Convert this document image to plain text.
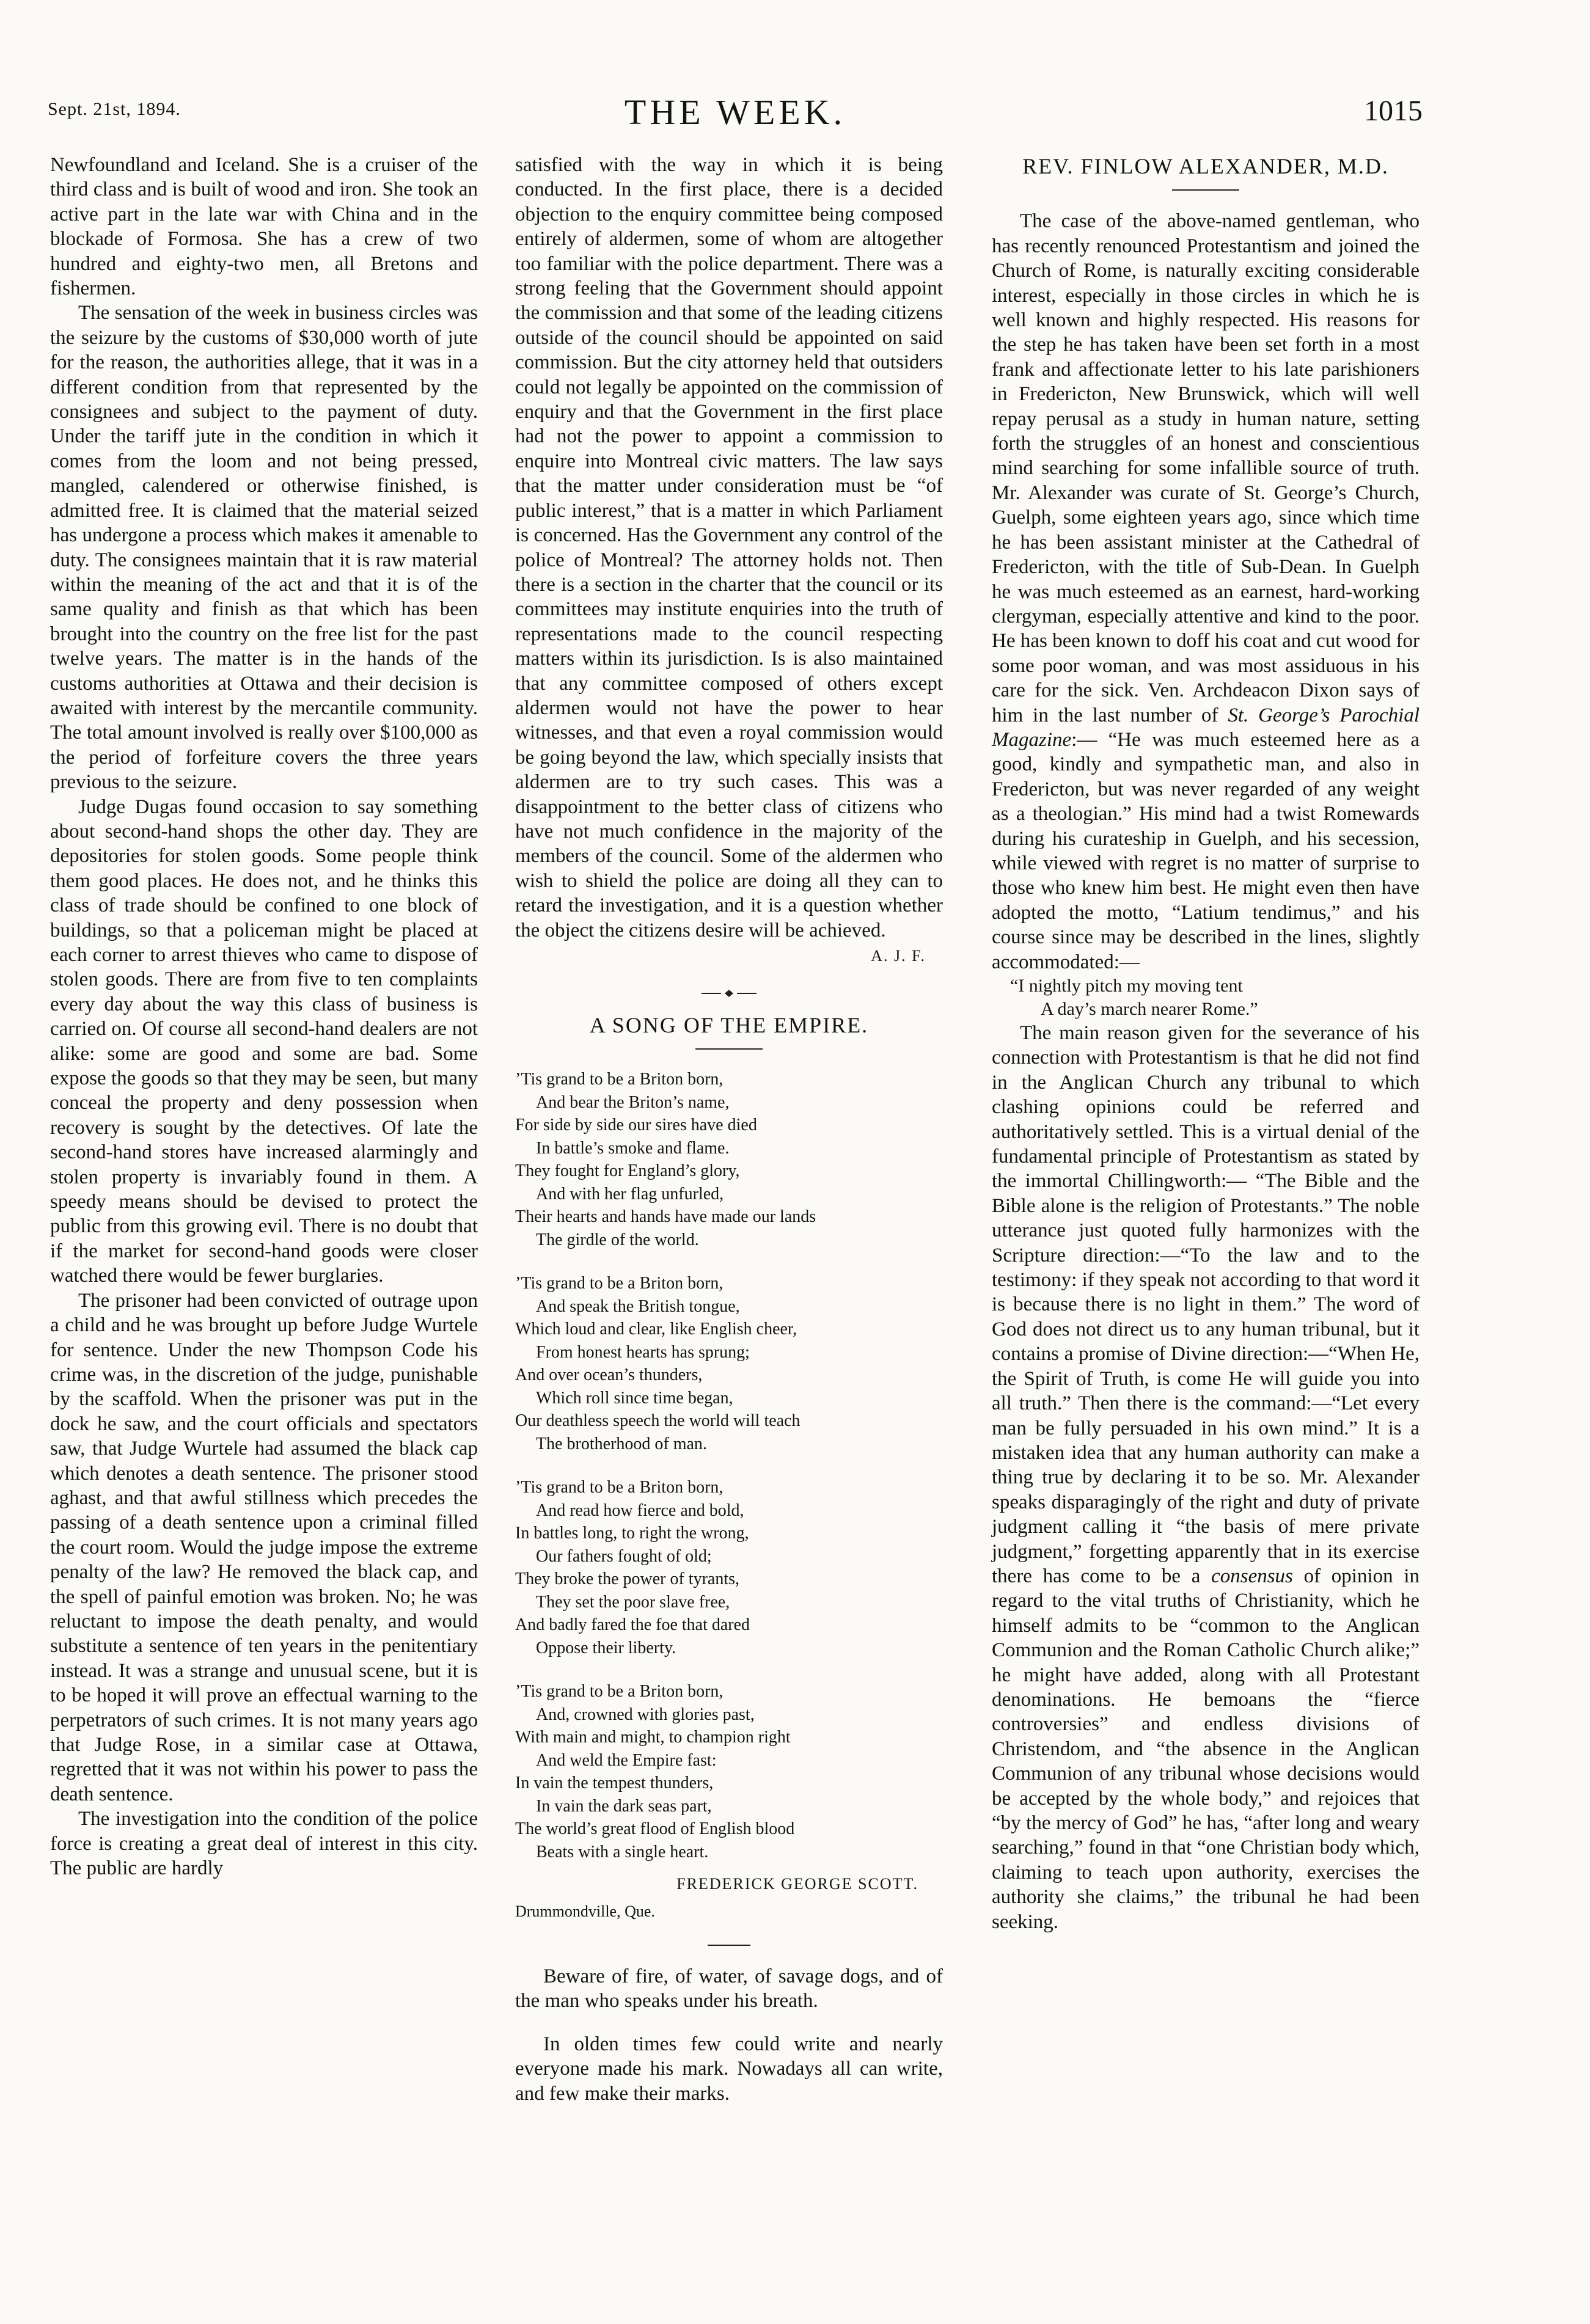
Sept. 21st, 1894.	THE WEEK.	1015

Newfoundland and Iceland. She is a cruiser of the third class and is built of wood and iron. She took an active part in the late war with China and in the blockade of Formosa. She has a crew of two hundred and eighty-two men, all Bretons and fishermen.

The sensation of the week in business circles was the seizure by the customs of $30,000 worth of jute for the reason, the authorities allege, that it was in a different condition from that represented by the consignees and subject to the payment of duty. Under the tariff jute in the condition in which it comes from the loom and not being pressed, mangled, calendered or otherwise finished, is admitted free. It is claimed that the material seized has undergone a process which makes it amenable to duty. The consignees maintain that it is raw material within the meaning of the act and that it is of the same quality and finish as that which has been brought into the country on the free list for the past twelve years. The matter is in the hands of the customs authorities at Ottawa and their decision is awaited with interest by the mercantile community. The total amount involved is really over $100,000 as the period of forfeiture covers the three years previous to the seizure.

Judge Dugas found occasion to say something about second-hand shops the other day. They are depositories for stolen goods. Some people think them good places. He does not, and he thinks this class of trade should be confined to one block of buildings, so that a policeman might be placed at each corner to arrest thieves who came to dispose of stolen goods. There are from five to ten complaints every day about the way this class of business is carried on. Of course all second-hand dealers are not alike: some are good and some are bad. Some expose the goods so that they may be seen, but many conceal the property and deny possession when recovery is sought by the detectives. Of late the second-hand stores have increased alarmingly and stolen property is invariably found in them. A speedy means should be devised to protect the public from this growing evil. There is no doubt that if the market for second-hand goods were closer watched there would be fewer burglaries.

The prisoner had been convicted of outrage upon a child and he was brought up before Judge Wurtele for sentence. Under the new Thompson Code his crime was, in the discretion of the judge, punishable by the scaffold. When the prisoner was put in the dock he saw, and the court officials and spectators saw, that Judge Wurtele had assumed the black cap which denotes a death sentence. The prisoner stood aghast, and that awful stillness which precedes the passing of a death sentence upon a criminal filled the court room. Would the judge impose the extreme penalty of the law? He removed the black cap, and the spell of painful emotion was broken. No; he was reluctant to impose the death penalty, and would substitute a sentence of ten years in the penitentiary instead. It was a strange and unusual scene, but it is to be hoped it will prove an effectual warning to the perpetrators of such crimes. It is not many years ago that Judge Rose, in a similar case at Ottawa, regretted that it was not within his power to pass the death sentence.

The investigation into the condition of the police force is creating a great deal of interest in this city. The public are hardly

satisfied with the way in which it is being conducted. In the first place, there is a decided objection to the enquiry committee being composed entirely of aldermen, some of whom are altogether too familiar with the police department. There was a strong feeling that the Government should appoint the commission and that some of the leading citizens outside of the council should be appointed on said commission. But the city attorney held that outsiders could not legally be appointed on the commission of enquiry and that the Government in the first place had not the power to appoint a commission to enquire into Montreal civic matters. The law says that the matter under consideration must be “of public interest,” that is a matter in which Parliament is concerned. Has the Government any control of the police of Montreal? The attorney holds not. Then there is a section in the charter that the council or its committees may institute enquiries into the truth of representations made to the council respecting matters within its jurisdiction. Is is also maintained that any committee composed of others except aldermen would not have the power to hear witnesses, and that even a royal commission would be going beyond the law, which specially insists that aldermen are to try such cases. This was a disappointment to the better class of citizens who have not much confidence in the majority of the members of the council. Some of the aldermen who wish to shield the police are doing all they can to retard the investigation, and it is a question whether the object the citizens desire will be achieved.

A. J. F.
A SONG OF THE EMPIRE.
’Tis grand to be a Briton born,
And bear the Briton’s name,
For side by side our sires have died
In battle’s smoke and flame.
They fought for England’s glory,
And with her flag unfurled,
Their hearts and hands have made our lands
The girdle of the world.
’Tis grand to be a Briton born,
And speak the British tongue,
Which loud and clear, like English cheer,
From honest hearts has sprung;
And over ocean’s thunders,
Which roll since time began,
Our deathless speech the world will teach
The brotherhood of man.
’Tis grand to be a Briton born,
And read how fierce and bold,
In battles long, to right the wrong,
Our fathers fought of old;
They broke the power of tyrants,
They set the poor slave free,
And badly fared the foe that dared
Oppose their liberty.
’Tis grand to be a Briton born,
And, crowned with glories past,
With main and might, to champion right
And weld the Empire fast:
In vain the tempest thunders,
In vain the dark seas part,
The world’s great flood of English blood
Beats with a single heart.
FREDERICK GEORGE SCOTT.
Drummondville, Que.

Beware of fire, of water, of savage dogs, and of the man who speaks under his breath.

In olden times few could write and nearly everyone made his mark. Nowadays all can write, and few make their marks.

REV. FINLOW ALEXANDER, M.D.

The case of the above-named gentleman, who has recently renounced Protestantism and joined the Church of Rome, is naturally exciting considerable interest, especially in those circles in which he is well known and highly respected. His reasons for the step he has taken have been set forth in a most frank and affectionate letter to his late parishioners in Fredericton, New Brunswick, which will well repay perusal as a study in human nature, setting forth the struggles of an honest and conscientious mind searching for some infallible source of truth. Mr. Alexander was curate of St. George’s Church, Guelph, some eighteen years ago, since which time he has been assistant minister at the Cathedral of Fredericton, with the title of Sub-Dean. In Guelph he was much esteemed as an earnest, hard-working clergyman, especially attentive and kind to the poor. He has been known to doff his coat and cut wood for some poor woman, and was most assiduous in his care for the sick. Ven. Archdeacon Dixon says of him in the last number of St. George’s Parochial Magazine:— “He was much esteemed here as a good, kindly and sympathetic man, and also in Fredericton, but was never regarded of any weight as a theologian.” His mind had a twist Romewards during his curateship in Guelph, and his secession, while viewed with regret is no matter of surprise to those who knew him best. He might even then have adopted the motto, “Latium tendimus,” and his course since may be described in the lines, slightly accommodated:—

“I nightly pitch my moving tent
A day’s march nearer Rome.”

The main reason given for the severance of his connection with Protestantism is that he did not find in the Anglican Church any tribunal to which clashing opinions could be referred and authoritatively settled. This is a virtual denial of the fundamental principle of Protestantism as stated by the immortal Chillingworth:— “The Bible and the Bible alone is the religion of Protestants.” The noble utterance just quoted fully harmonizes with the Scripture direction:—“To the law and to the testimony: if they speak not according to that word it is because there is no light in them.” The word of God does not direct us to any human tribunal, but it contains a promise of Divine direction:—“When He, the Spirit of Truth, is come He will guide you into all truth.” Then there is the command:—“Let every man be fully persuaded in his own mind.” It is a mistaken idea that any human authority can make a thing true by declaring it to be so. Mr. Alexander speaks disparagingly of the right and duty of private judgment calling it “the basis of mere private judgment,” forgetting apparently that in its exercise there has come to be a consensus of opinion in regard to the vital truths of Christianity, which he himself admits to be “common to the Anglican Communion and the Roman Catholic Church alike;” he might have added, along with all Protestant denominations. He bemoans the “fierce controversies” and endless divisions of Christendom, and “the absence in the Anglican Communion of any tribunal whose decisions would be accepted by the whole body,” and rejoices that “by the mercy of God” he has, “after long and weary searching,” found in that “one Christian body which, claiming to teach upon authority, exercises the authority she claims,” the tribunal he had been seeking.
